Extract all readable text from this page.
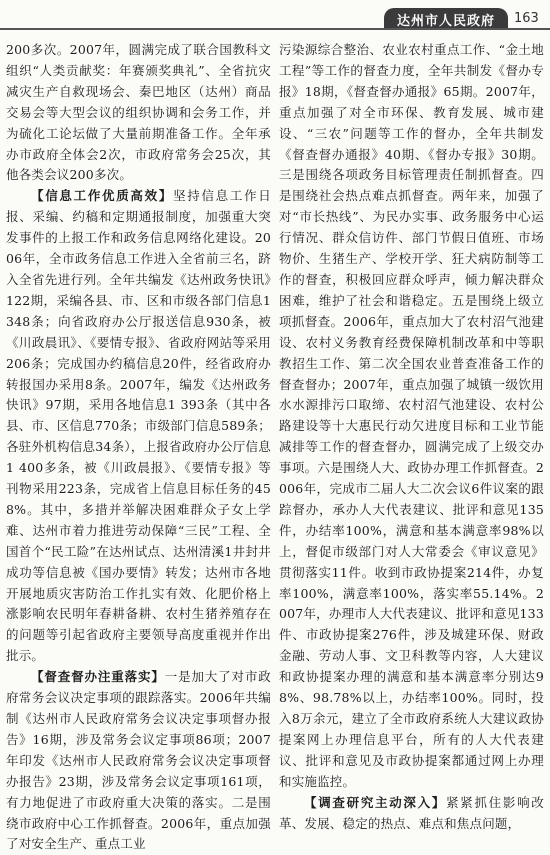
达州市人民政府 163

200多次。2007年，圆满完成了联合国教科文组织“人类贡献奖：年赛颁奖典礼”、全省抗灾减灾生产自救现场会、秦巴地区（达州）商品交易会等大型会议的组织协调和会务工作，并为硫化工论坛做了大量前期准备工作。全年承办市政府全体会2次，市政府常务会25次，其他各类会议200多次。

【信息工作优质高效】坚持信息工作日报、采编、约稿和定期通报制度，加强重大突发事件的上报工作和政务信息网络化建设。2006年，全市政务信息工作进入全省前三名，跻入全省先进行列。全年共编发《达州政务快讯》122期，采编各县、市、区和市级各部门信息1 348条；向省政府办公厅报送信息930条，被《川政晨讯》、《要情专报》、省政府网站等采用206条；完成国办约稿信息20件，经省政府办转报国办采用8条。2007年，编发《达州政务快讯》97期，采用各地信息1 393条（其中各县、市、区信息770条；市级部门信息589条；各驻外机构信息34条），上报省政府办公厅信息1 400多条，被《川政晨报》、《要情专报》等刊物采用223条，完成省上信息目标任务的458%。其中，多措并举解决困难群众子女上学难、达州市着力推进劳动保障“三民”工程、全国首个“民工险”在达州试点、达州清溪1井封井成功等信息被《国办要情》转发；达州市各地开展地质灾害防治工作扎实有效、化肥价格上涨影响农民明年春耕备耕、农村生猪养殖存在的问题等引起省政府主要领导高度重视并作出批示。

【督查督办注重落实】一是加大了对市政府常务会议决定事项的跟踪落实。2006年共编制《达州市人民政府常务会议决定事项督办报告》16期，涉及常务会议定事项86项；2007年印发《达州市人民政府常务会议决定事项督办报告》23期，涉及常务会议定事项161项，有力地促进了市政府重大决策的落实。二是围绕市政府中心工作抓督查。2006年，重点加强了对安全生产、重点工业

污染源综合整治、农业农村重点工作、“金土地工程”等工作的督查力度，全年共制发《督办专报》18期，《督查督办通报》65期。2007年，重点加强了对全市环保、教育发展、城市建设、“三农”问题等工作的督办，全年共制发《督查督办通报》40期、《督办专报》30期。三是围绕各项政务目标管理责任制抓督查。四是围绕社会热点难点抓督查。两年来，加强了对“市长热线”、为民办实事、政务服务中心运行情况、群众信访件、部门节假日值班、市场物价、生猪生产、学校开学、狂犬病防制等工作的督查，积极回应群众呼声，倾力解决群众困难，维护了社会和谐稳定。五是围绕上级立项抓督查。2006年，重点加大了农村沼气池建设、农村义务教育经费保障机制改革和中等职教招生工作、第二次全国农业普查准备工作的督查督办；2007年，重点加强了城镇一级饮用水水源排污口取缔、农村沼气池建设、农村公路建设等十大惠民行动欠进度目标和工业节能减排等工作的督查督办，圆满完成了上级交办事项。六是围绕人大、政协办理工作抓督查。2006年，完成市二届人大二次会议6件议案的跟踪督办，承办人大代表建议、批评和意见135件，办结率100%，满意和基本满意率98%以上，督促市级部门对人大常委会《审议意见》贯彻落实11件。收到市政协提案214件，办复率100%，满意率100%，落实率55.14%。2007年，办理市人大代表建议、批评和意见133件、市政协提案276件，涉及城建环保、财政金融、劳动人事、文卫科教等内容，人大建议和政协提案办理的满意和基本满意率分别达98%、98.78%以上，办结率100%。同时，投入8万余元，建立了全市政府系统人大建议政协提案网上办理信息平台，所有的人大代表建议、批评和意见及市政协提案都通过网上办理和实施监控。

【调查研究主动深入】紧紧抓住影响改革、发展、稳定的热点、难点和焦点问题，
